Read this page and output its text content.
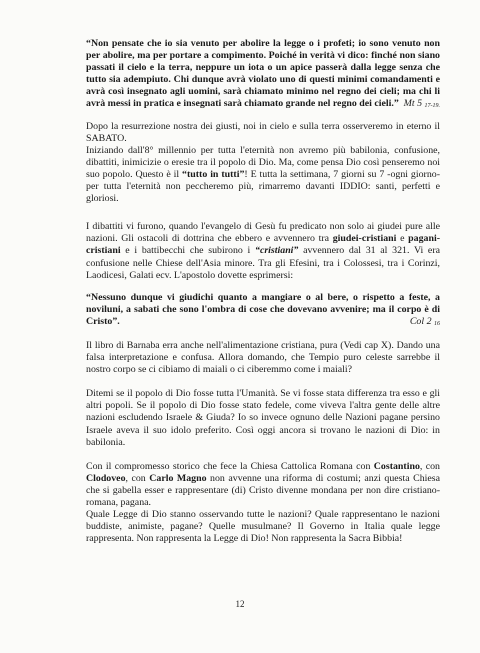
“Non pensate che io sia venuto per abolire la legge o i profeti; io sono venuto non per abolire, ma per portare a compimento. Poiché in verità vi dico: finché non siano passati il cielo e la terra, neppure un iota o un apice passerà dalla legge senza che tutto sia adempiuto. Chi dunque avrà violato uno di questi minimi comandamenti e avrà così insegnato agli uomini, sarà chiamato minimo nel regno dei cieli; ma chi li avrà messi in pratica e insegnati sarà chiamato grande nel regno dei cieli.” Mt 5 $_{17-19.}$

Dopo la resurrezione nostra dei giusti, noi in cielo e sulla terra osserveremo in eterno il SABATO.
Iniziando dall'8° millennio per tutta l'eternità non avremo più babilonia, confusione, dibattiti, inimicizie o eresie tra il popolo di Dio. Ma, come pensa Dio così penseremo noi suo popolo. Questo è il “tutto in tutti”! E tutta la settimana, 7 giorni su 7 -ogni giorno- per tutta l'eternità non peccheremo più, rimarremo davanti IDDIO: santi, perfetti e gloriosi.

I dibattiti vi furono, quando l'evangelo di Gesù fu predicato non solo ai giudei pure alle nazioni. Gli ostacoli di dottrina che ebbero e avvennero tra giudei-cristiani e pagani-cristiani e i battibecchi che subirono i “cristiani” avvennero dal 31 al 321. Vi era confusione nelle Chiese dell'Asia minore. Tra gli Efesini, tra i Colossesi, tra i Corinzi, Laodicesi, Galati ecv. L'apostolo dovette esprimersi:

“Nessuno dunque vi giudichi quanto a mangiare o al bere, o rispetto a feste, a noviluni, a sabati che sono l'ombra di cose che dovevano avvenire; ma il corpo è di Cristo”.	Col 2 $_{16}$

Il libro di Barnaba erra anche nell'alimentazione cristiana, pura (Vedi cap X). Dando una falsa interpretazione e confusa. Allora domando, che Tempio puro celeste sarrebbe il nostro corpo se ci cibiamo di maiali o ci ciberemmo come i maiali?

Ditemi se il popolo di Dio fosse tutta l'Umanità. Se vi fosse stata differenza tra esso e gli altri popoli. Se il popolo di Dio fosse stato fedele, come viveva l'altra gente delle altre nazioni escludendo Israele & Giuda? Io so invece ognuno delle Nazioni pagane persino Israele aveva il suo idolo preferito. Così oggi ancora si trovano le nazioni di Dio: in babilonia.

Con il compromesso storico che fece la Chiesa Cattolica Romana con Costantino, con Clodoveo, con Carlo Magno non avvenne una riforma di costumi; anzi questa Chiesa che si gabella esser e rappresentare (di) Cristo divenne mondana per non dire cristiano-romana, pagana.
Quale Legge di Dio stanno osservando tutte le nazioni? Quale rappresentano le nazioni buddiste, animiste, pagane? Quelle musulmane? Il Governo in Italia quale legge rappresenta. Non rappresenta la Legge di Dio! Non rappresenta la Sacra Bibbia!

12
